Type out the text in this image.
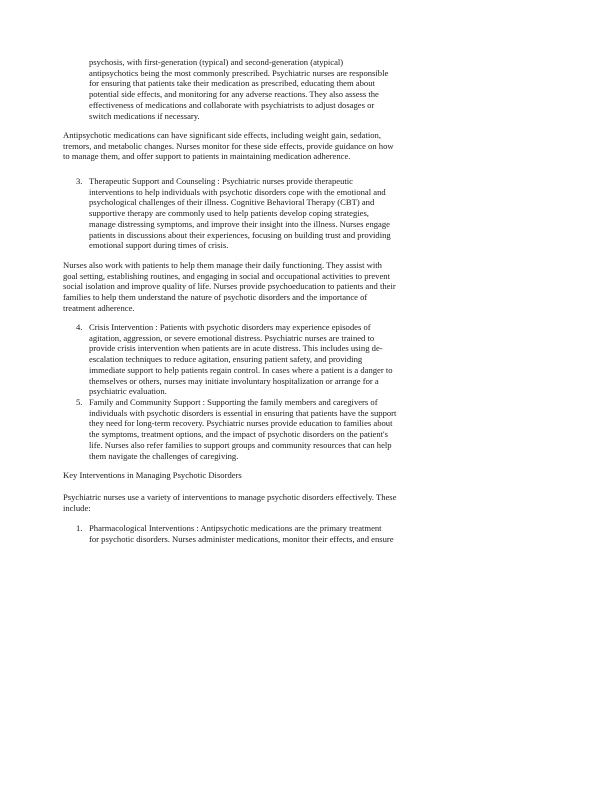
psychosis, with first-generation (typical) and second-generation (atypical)
antipsychotics being the most commonly prescribed. Psychiatric nurses are responsible
for ensuring that patients take their medication as prescribed, educating them about
potential side effects, and monitoring for any adverse reactions. They also assess the
effectiveness of medications and collaborate with psychiatrists to adjust dosages or
switch medications if necessary.

Antipsychotic medications can have significant side effects, including weight gain, sedation,
tremors, and metabolic changes. Nurses monitor for these side effects, provide guidance on how
to manage them, and offer support to patients in maintaining medication adherence.

3. Therapeutic Support and Counseling : Psychiatric nurses provide therapeutic
interventions to help individuals with psychotic disorders cope with the emotional and
psychological challenges of their illness. Cognitive Behavioral Therapy (CBT) and
supportive therapy are commonly used to help patients develop coping strategies,
manage distressing symptoms, and improve their insight into the illness. Nurses engage
patients in discussions about their experiences, focusing on building trust and providing
emotional support during times of crisis.

Nurses also work with patients to help them manage their daily functioning. They assist with
goal setting, establishing routines, and engaging in social and occupational activities to prevent
social isolation and improve quality of life. Nurses provide psychoeducation to patients and their
families to help them understand the nature of psychotic disorders and the importance of
treatment adherence.

4. Crisis Intervention : Patients with psychotic disorders may experience episodes of
agitation, aggression, or severe emotional distress. Psychiatric nurses are trained to
provide crisis intervention when patients are in acute distress. This includes using de-
escalation techniques to reduce agitation, ensuring patient safety, and providing
immediate support to help patients regain control. In cases where a patient is a danger to
themselves or others, nurses may initiate involuntary hospitalization or arrange for a
psychiatric evaluation.

5. Family and Community Support : Supporting the family members and caregivers of
individuals with psychotic disorders is essential in ensuring that patients have the support
they need for long-term recovery. Psychiatric nurses provide education to families about
the symptoms, treatment options, and the impact of psychotic disorders on the patient's
life. Nurses also refer families to support groups and community resources that can help
them navigate the challenges of caregiving.

Key Interventions in Managing Psychotic Disorders

Psychiatric nurses use a variety of interventions to manage psychotic disorders effectively. These
include:

1. Pharmacological Interventions : Antipsychotic medications are the primary treatment
for psychotic disorders. Nurses administer medications, monitor their effects, and ensure
